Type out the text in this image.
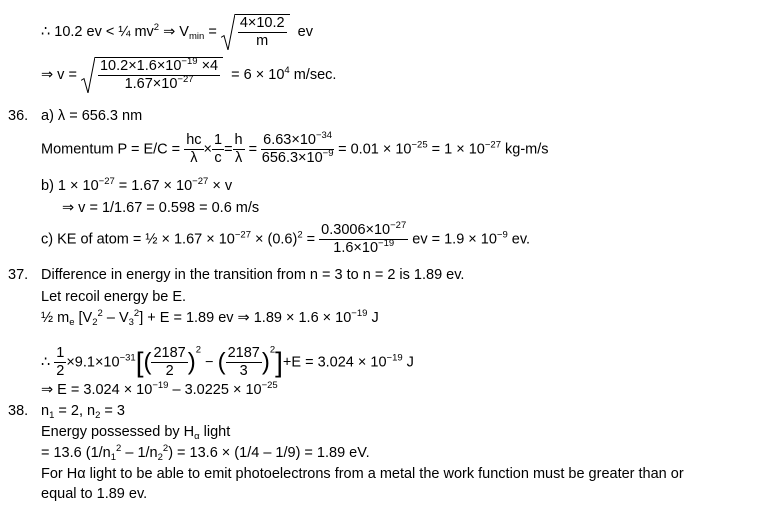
∴ 10.2 ev < ¼ $mv^2$ ⇒ $V_{min} = \frac{4\times 10.2}{m}$ ev
⇒ $v = \frac{10.2\times 1.6\times 10^{-19} \times 4}{1.67\times 10^{-27}} = 6 \times 10^4$ m/sec.
36. a) λ = 656.3 nm
Momentum $P = E/C = \frac{hc}{\lambda} \times \frac{1}{c} = \frac{h}{\lambda} = \frac{6.63\times 10^{-34}}{656.3\times 10^{-9}} = 0.01 \times 10^{-25} = 1 \times 10^{-27}$ kg-m/s
b) $1 \times 10^{-27} = 1.67 \times 10^{-27} \times v$
⇒ v = 1/1.67 = 0.598 = 0.6 m/s
c) KE of atom = ½ × $1.67 \times 10^{-27} \times (0.6)^2 = \frac{0.3006\times 10^{-27}}{1.6\times 10^{-19}}$ ev = $1.9 \times 10^{-9}$ ev.
37. Difference in energy in the transition from n = 3 to n = 2 is 1.89 ev.
Let recoil energy be E.
½ $m_e$ $[V_2^2 - V_3^2] + E = 1.89$ ev ⇒ $1.89 \times 1.6 \times 10^{-19}$ J
∴ $\frac{1}{2} \times 9.1\times 10^{-31}[( \frac{2187}{2} )^2$ − ( $\frac{2187}{3} )^2]+E = 3.024 \times 10^{-19}$ J
⇒ $E = 3.024 \times 10^{-19} - 3.0225 \times 10^{-25}$
38. $n_1 = 2$, $n_2 = 3$
Energy possessed by $H_\alpha$ light
= 13.6 $(1/n_1^2 - 1/n_2^2) = 13.6 \times (1/4 - 1/9) = 1.89$ eV.
For Hα light to be able to emit photoelectrons from a metal the work function must be greater than or
equal to 1.89 ev.
